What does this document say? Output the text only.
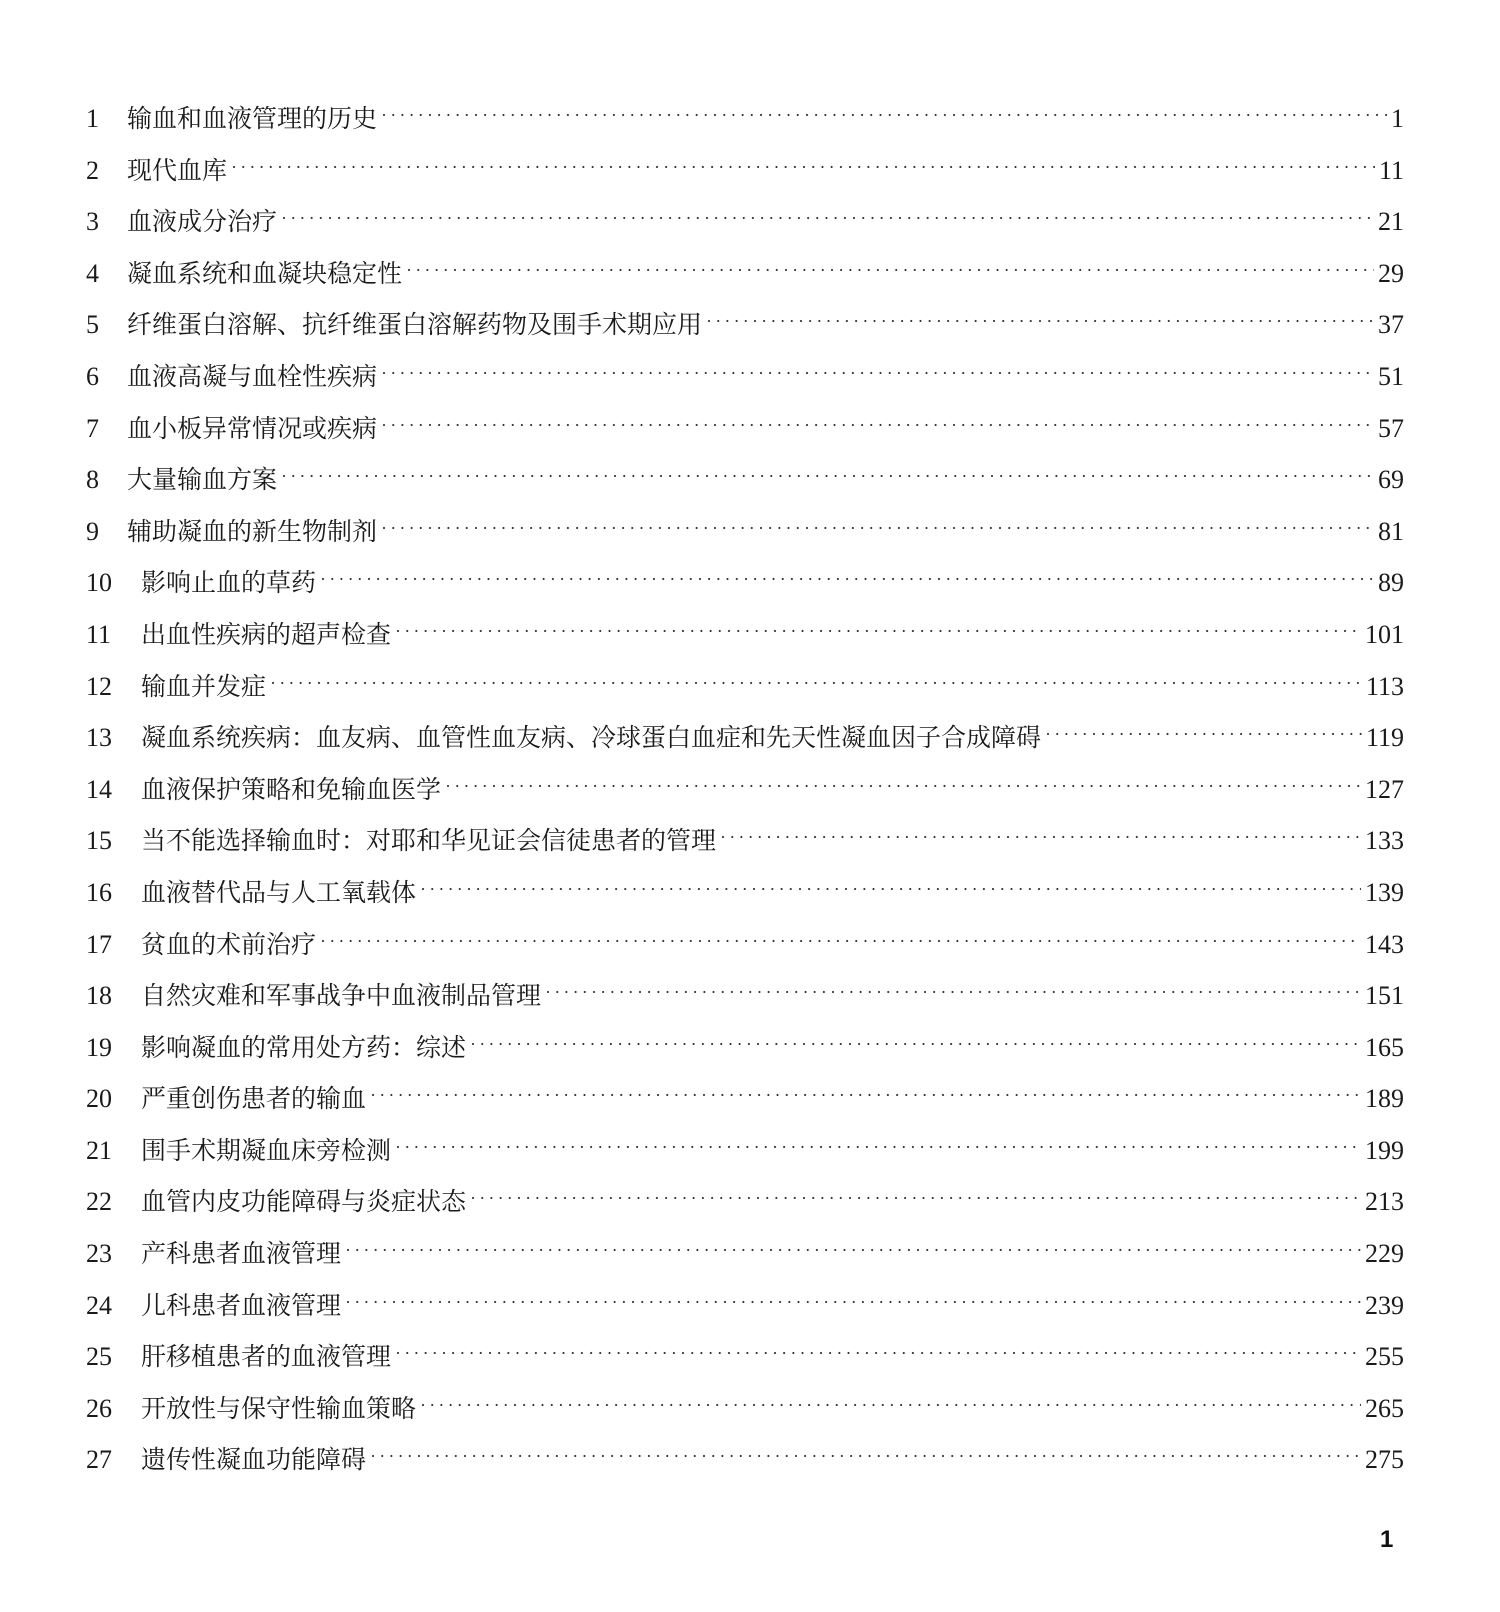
1	输血和血液管理的历史 ·····	1
2	现代血库 ·····	11
3	血液成分治疗 ·····	21
4	凝血系统和血凝块稳定性 ·····	29
5	纤维蛋白溶解、抗纤维蛋白溶解药物及围手术期应用 ·····	37
6	血液高凝与血栓性疾病 ·····	51
7	血小板异常情况或疾病 ·····	57
8	大量输血方案 ·····	69
9	辅助凝血的新生物制剂 ·····	81
10	影响止血的草药 ·····	89
11	出血性疾病的超声检查 ·····	101
12	输血并发症 ·····	113
13	凝血系统疾病：血友病、血管性血友病、冷球蛋白血症和先天性凝血因子合成障碍 ·····	119
14	血液保护策略和免输血医学 ·····	127
15	当不能选择输血时：对耶和华见证会信徒患者的管理 ·····	133
16	血液替代品与人工氧载体 ·····	139
17	贫血的术前治疗 ·····	143
18	自然灾难和军事战争中血液制品管理 ·····	151
19	影响凝血的常用处方药：综述 ·····	165
20	严重创伤患者的输血 ·····	189
21	围手术期凝血床旁检测 ·····	199
22	血管内皮功能障碍与炎症状态 ·····	213
23	产科患者血液管理 ·····	229
24	儿科患者血液管理 ·····	239
25	肝移植患者的血液管理 ·····	255
26	开放性与保守性输血策略 ·····	265
27	遗传性凝血功能障碍 ·····	275
1
